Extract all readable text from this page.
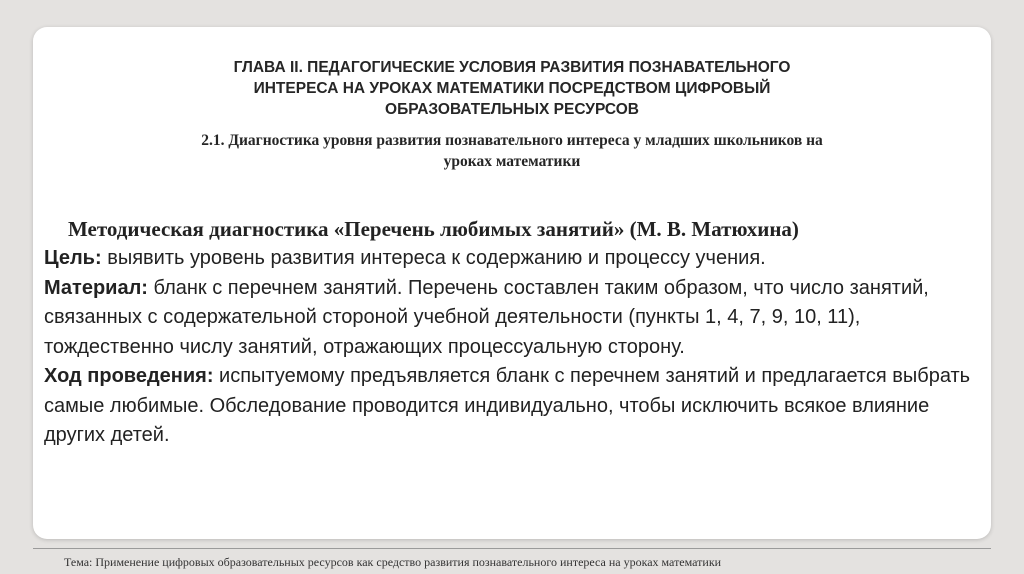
ГЛАВА II. ПЕДАГОГИЧЕСКИЕ УСЛОВИЯ РАЗВИТИЯ ПОЗНАВАТЕЛЬНОГО
ИНТЕРЕСА НА УРОКАХ МАТЕМАТИКИ ПОСРЕДСТВОМ ЦИФРОВЫЙ
ОБРАЗОВАТЕЛЬНЫХ РЕСУРСОВ
2.1. Диагностика уровня развития познавательного интереса у младших школьников на
уроках математики

Методическая диагностика «Перечень любимых занятий» (М. В. Матюхина)

Цель: выявить уровень развития интереса к содержанию и процессу учения.

Материал: бланк с перечнем занятий. Перечень составлен таким образом, что число занятий, связанных с содержательной стороной учебной деятельности (пункты 1, 4, 7, 9, 10, 11), тождественно числу занятий, отражающих процессуальную сторону.

Ход проведения: испытуемому предъявляется бланк с перечнем занятий и предлагается выбрать самые любимые. Обследование проводится индивидуально, чтобы исключить всякое влияние других детей.

Тема: Применение цифровых образовательных ресурсов как средство развития познавательного интереса на уроках математики
